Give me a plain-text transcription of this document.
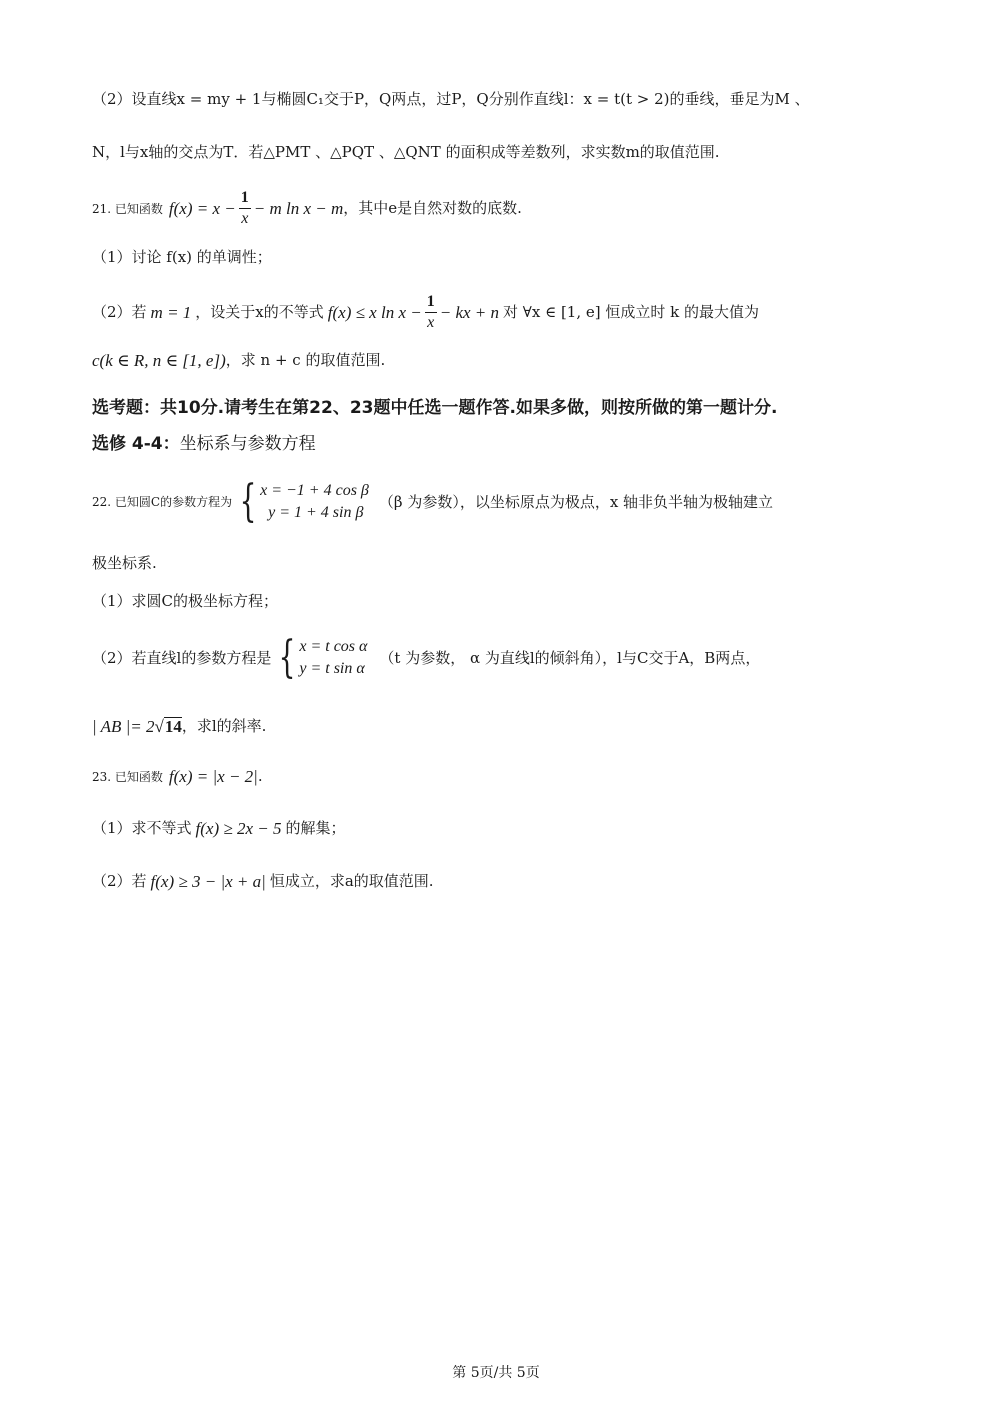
（2）设直线x = my + 1与椭圆C₁交于P，Q两点，过P，Q分别作直线l：x = t(t > 2)的垂线，垂足为M 、
N，l与x轴的交点为T．若△PMT 、△PQT 、△QNT 的面积成等差数列，求实数m的取值范围.
21. 已知函数 $f(x) = x - \frac{1}{x} - m$ ln x − m ，其中e是自然对数的底数.
（1）讨论 f(x) 的单调性；
（2）若 m = 1 ，设关于x的不等式 f(x) ≤ x $\ln x - \frac{1}{x}$ − kx + n 对 ∀x ∈ [1, e] 恒成立时 k 的最大值为
c(k ∈ R, n ∈ [1, e]) ，求 n + c 的取值范围.
选考题：共 10 分.请考生在第 22 、 23 题中任选一题作答.如果多做，则按所做的第一题计分.
选修 4-4： 坐标系与参数方程
22. 已知圆C的参数方程为 { x = −1 + 4 cos β
y = 1 + 4 sin β
（β 为参数），以坐标原点为极点，x 轴非负半轴为极轴建立
极坐标系.
（1）求圆C的极坐标方程；
（2）若直线l的参数方程是 { x = t cos α
y = t sin α
（t 为参数， α 为直线l的倾斜角），l与C交于A，B两点，
| AB |= 2 √ 14 ，求l的斜率.
23. 已知函数 f(x) = |x − 2| .
（1）求不等式 f(x) ≥ 2x − 5 的解集；
（2）若 f(x) ≥ 3 − |x + a| 恒成立，求a的取值范围.
第 5页/共 5页
